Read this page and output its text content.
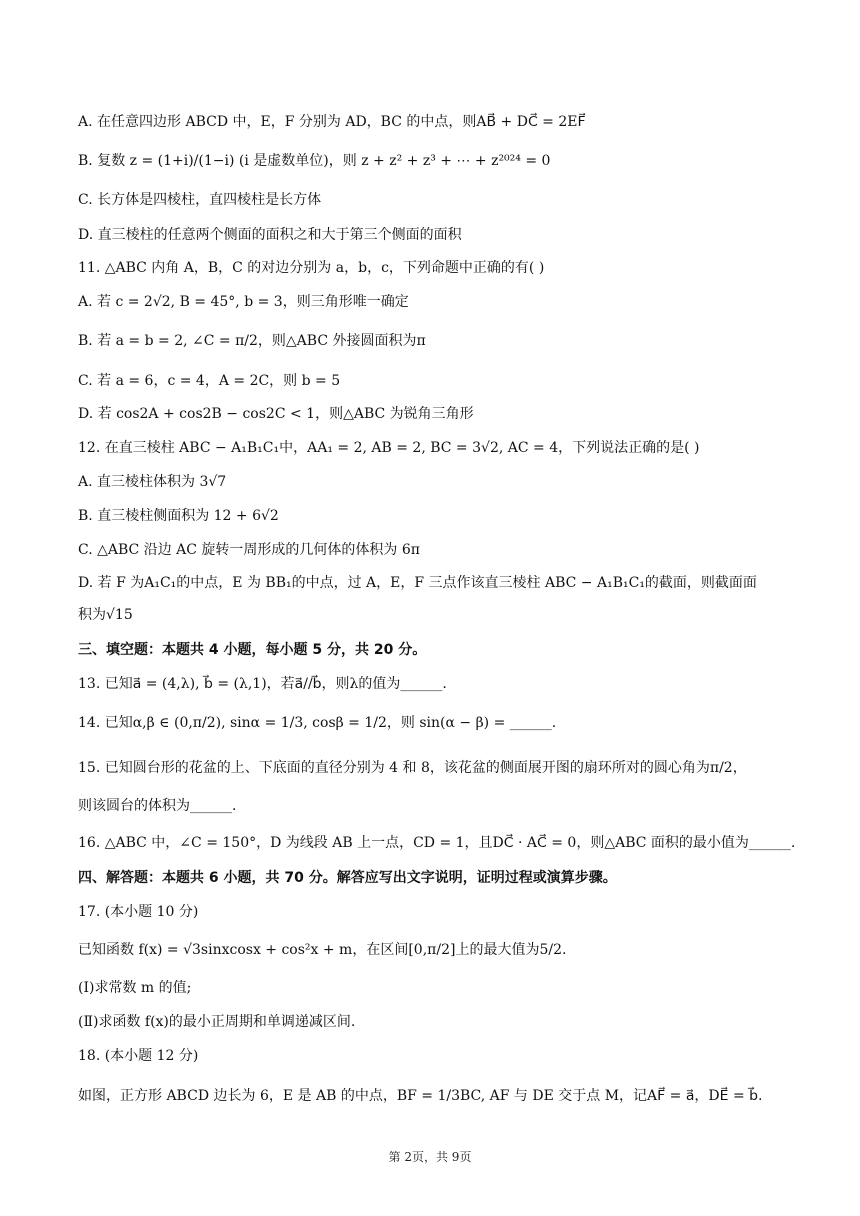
A. 在任意四边形 ABCD 中，E，F 分别为 AD，BC 的中点，则AB⃗ + DC⃗ = 2EF⃗
B. 复数 z = (1+i)/(1−i) (i 是虚数单位)，则 z + z² + z³ + ⋯ + z²⁰²⁴ = 0
C. 长方体是四棱柱，直四棱柱是长方体
D. 直三棱柱的任意两个侧面的面积之和大于第三个侧面的面积
11. △ABC 内角 A，B，C 的对边分别为 a，b，c，下列命题中正确的有( )
A. 若 c = 2√2, B = 45°, b = 3，则三角形唯一确定
B. 若 a = b = 2, ∠C = π/2，则△ABC 外接圆面积为π
C. 若 a = 6，c = 4，A = 2C，则 b = 5
D. 若 cos2A + cos2B − cos2C < 1，则△ABC 为锐角三角形
12. 在直三棱柱 ABC − A₁B₁C₁中，AA₁ = 2, AB = 2, BC = 3√2, AC = 4，下列说法正确的是( )
A. 直三棱柱体积为 3√7
B. 直三棱柱侧面积为 12 + 6√2
C. △ABC 沿边 AC 旋转一周形成的几何体的体积为 6π
D. 若 F 为A₁C₁的中点，E 为 BB₁的中点，过 A，E，F 三点作该直三棱柱 ABC − A₁B₁C₁的截面，则截面面
积为√15
三、填空题：本题共 4 小题，每小题 5 分，共 20 分。
13. 已知a⃗ = (4,λ), b⃗ = (λ,1)，若a⃗//b⃗，则λ的值为______.
14. 已知α,β ∈ (0,π/2), sinα = 1/3, cosβ = 1/2，则 sin(α − β) = ______.
15. 已知圆台形的花盆的上、下底面的直径分别为 4 和 8，该花盆的侧面展开图的扇环所对的圆心角为π/2，
则该圆台的体积为______.
16. △ABC 中，∠C = 150°，D 为线段 AB 上一点，CD = 1，且DC⃗ · AC⃗ = 0，则△ABC 面积的最小值为______.
四、解答题：本题共 6 小题，共 70 分。解答应写出文字说明，证明过程或演算步骤。
17. (本小题 10 分)
已知函数 f(x) = √3sinxcosx + cos²x + m，在区间[0,π/2]上的最大值为5/2.
(Ⅰ)求常数 m 的值;
(Ⅱ)求函数 f(x)的最小正周期和单调递减区间.
18. (本小题 12 分)
如图，正方形 ABCD 边长为 6，E 是 AB 的中点，BF = 1/3BC, AF 与 DE 交于点 M，记AF⃗ = a⃗，DE⃗ = b⃗.
第 2页，共 9页
